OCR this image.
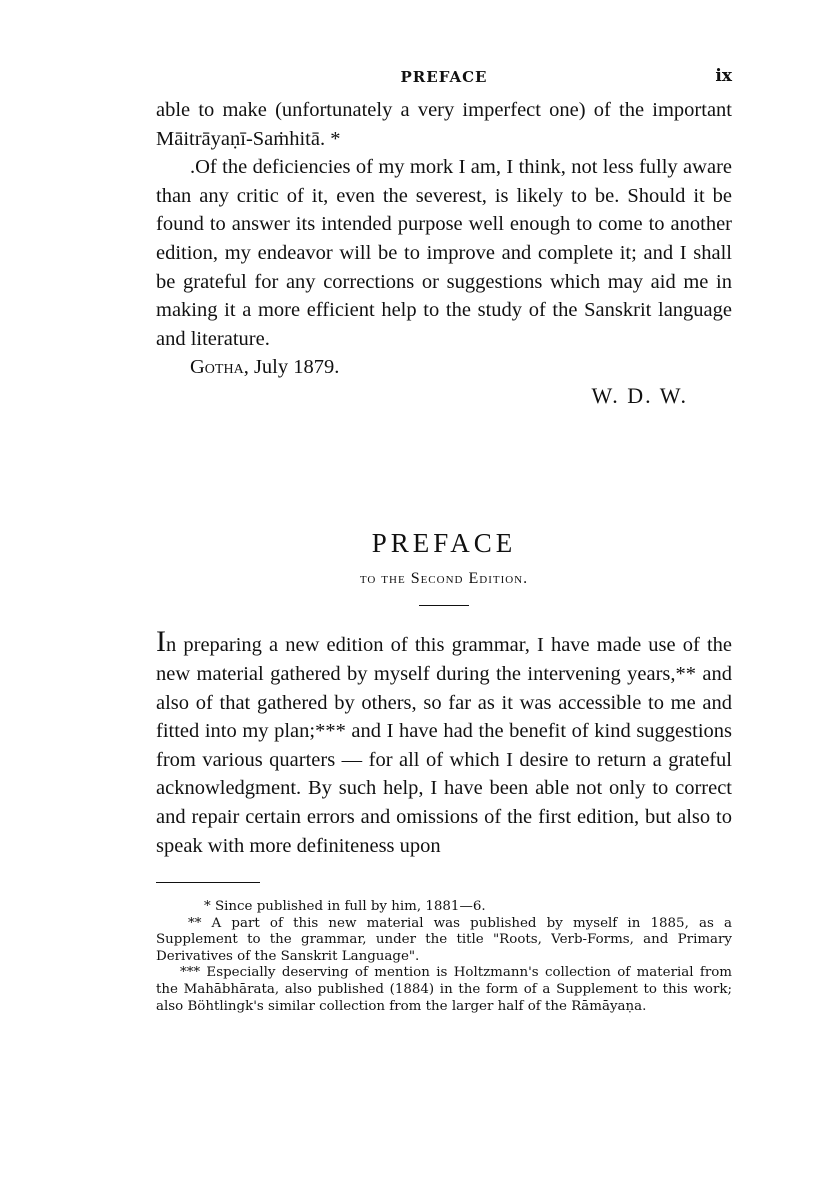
PREFACE	ix

able to make (unfortunately a very imperfect one) of the important Māitrāyaṇī-Saṁhitā. *

.Of the deficiencies of my mork I am, I think, not less fully aware than any critic of it, even the severest, is likely to be. Should it be found to answer its intended purpose well enough to come to another edition, my endeavor will be to improve and complete it; and I shall be grateful for any corrections or suggestions which may aid me in making it a more efficient help to the study of the Sanskrit language and literature.

Gotha, July 1879.

W. D. W.

PREFACE
to the Second Edition.

In preparing a new edition of this grammar, I have made use of the new material gathered by myself during the intervening years,** and also of that gathered by others, so far as it was accessible to me and fitted into my plan;*** and I have had the benefit of kind suggestions from various quarters — for all of which I desire to return a grateful acknowledgment. By such help, I have been able not only to correct and repair certain errors and omissions of the first edition, but also to speak with more definiteness upon

* Since published in full by him, 1881—6.

** A part of this new material was published by myself in 1885, as a Supplement to the grammar, under the title "Roots, Verb-Forms, and Primary Derivatives of the Sanskrit Language".

*** Especially deserving of mention is Holtzmann's collection of material from the Mahābhārata, also published (1884) in the form of a Supplement to this work; also Böhtlingk's similar collection from the larger half of the Rāmāyaṇa.
